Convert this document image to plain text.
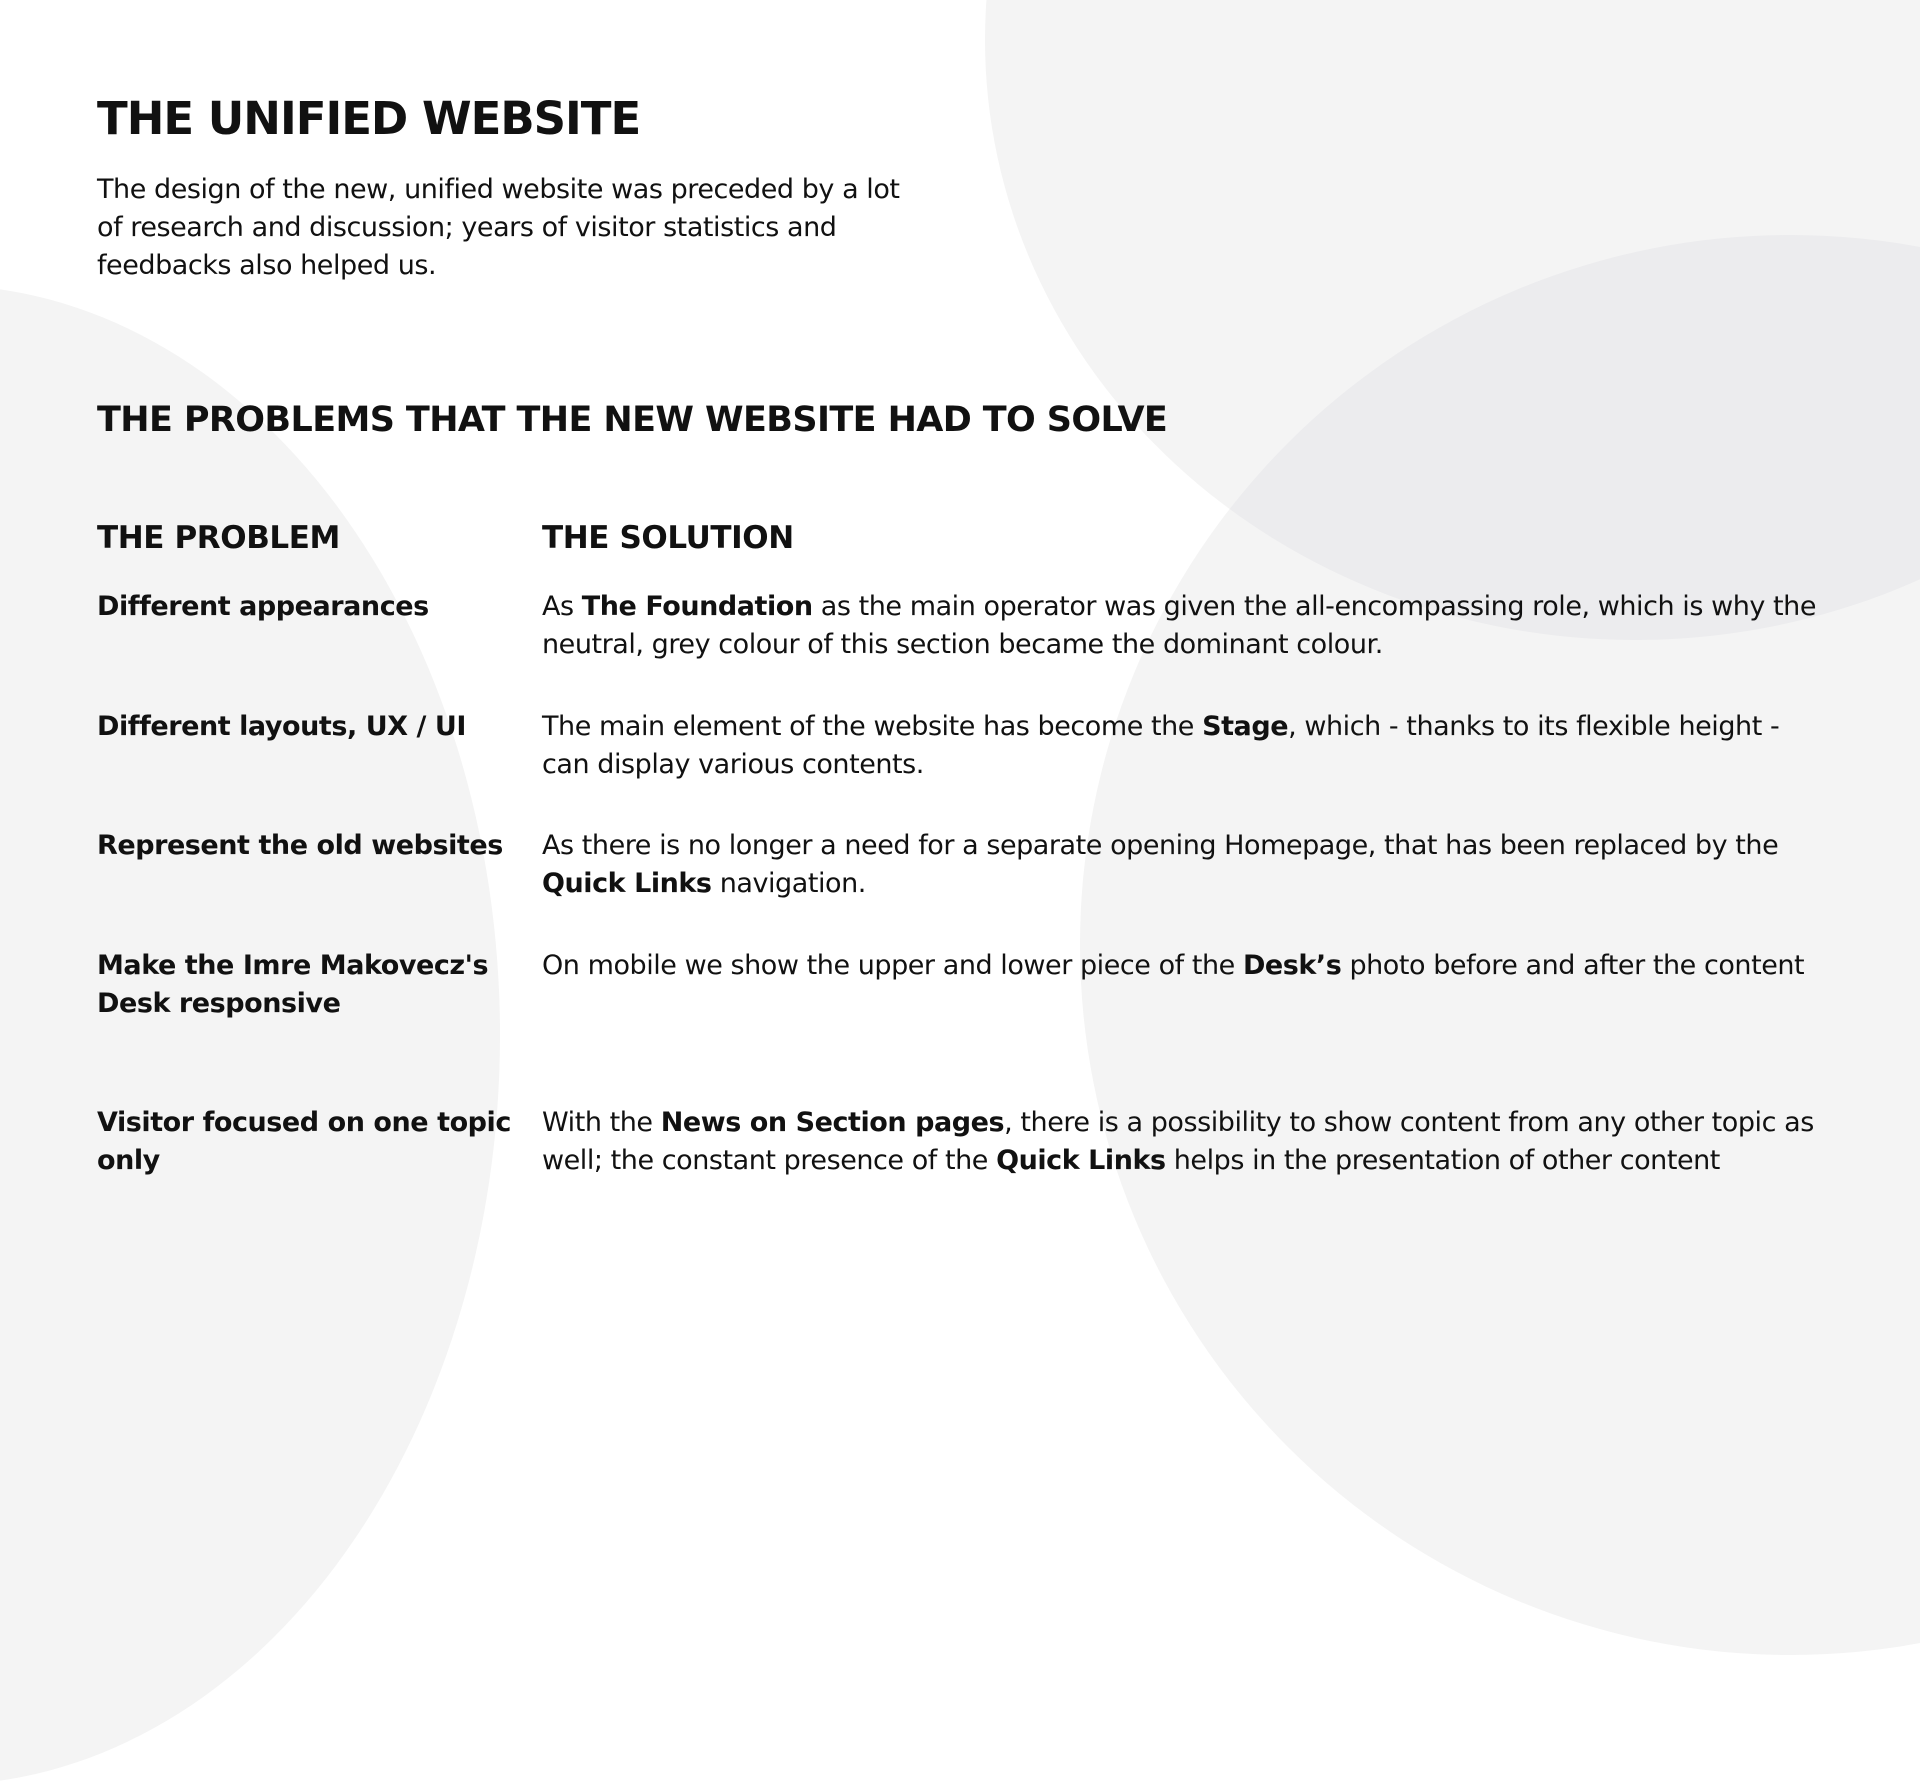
THE UNIFIED WEBSITE

The design of the new, unified website was preceded by a lot of research and discussion; years of visitor statistics and feedbacks also helped us.

THE PROBLEMS THAT THE NEW WEBSITE HAD TO SOLVE
THE PROBLEM	THE SOLUTION
Different appearances	As The Foundation as the main operator was given the all-encompassing role, which is why the neutral, grey colour of this section became the dominant colour.
Different layouts, UX / UI	The main element of the website has become the Stage, which - thanks to its flexible height - can display various contents.
Represent the old websites	As there is no longer a need for a separate opening Homepage, that has been replaced by the Quick Links navigation.
Make the Imre Makovecz's Desk responsive	On mobile we show the upper and lower piece of the Desk’s photo before and after the content
Visitor focused on one topic only	With the News on Section pages, there is a possibility to show content from any other topic as well; the constant presence of the Quick Links helps in the presentation of other content
